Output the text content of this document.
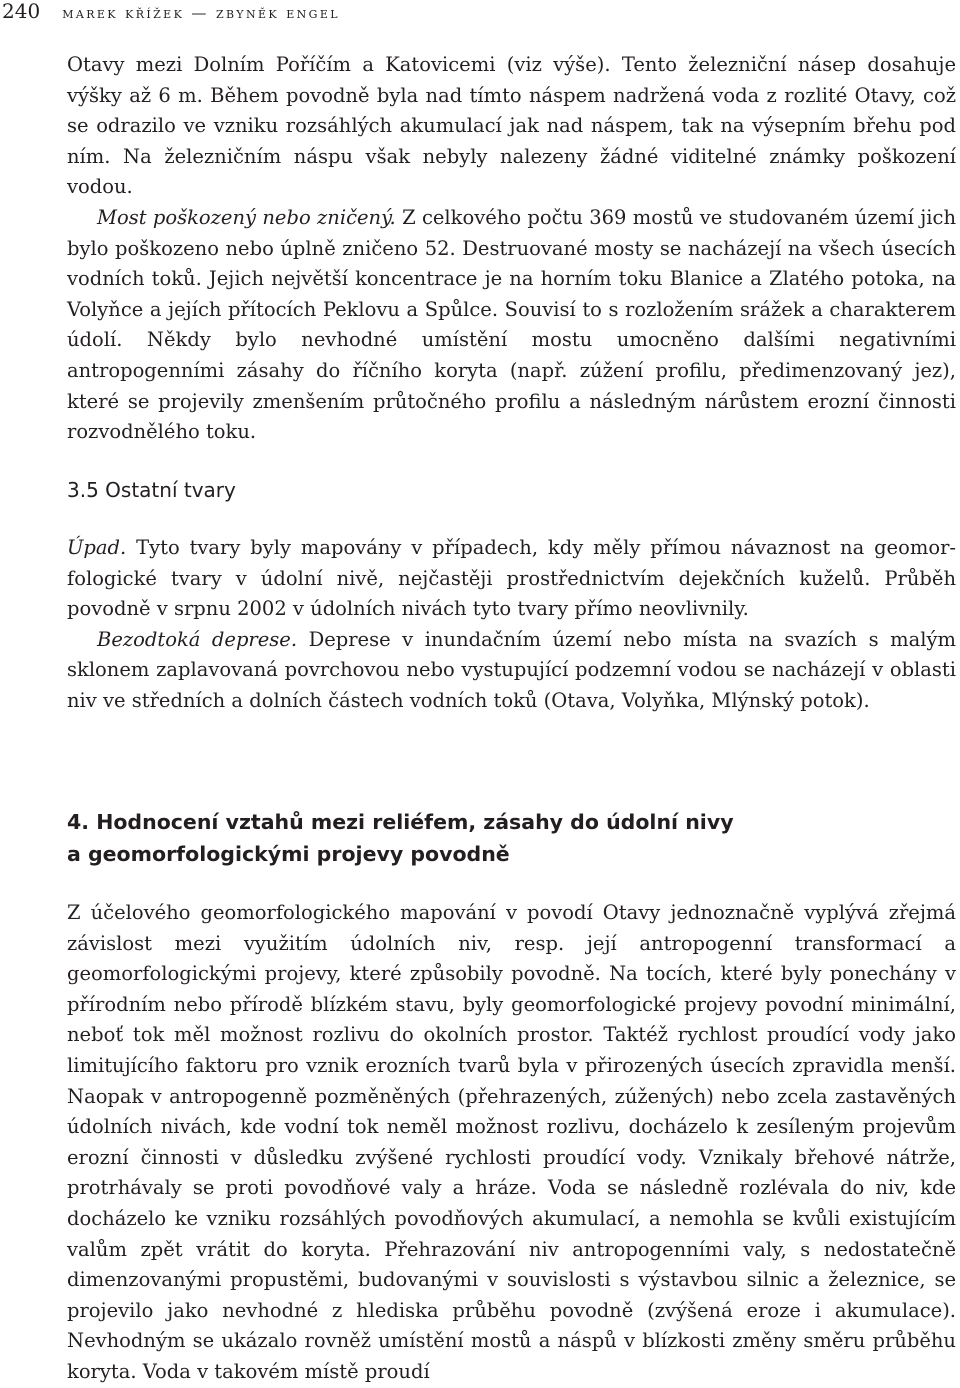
240 marek křížek — zbyněk engel

Otavy mezi Dolním Poříčím a Katovicemi (viz výše). Tento železniční násep dosahuje výšky až 6 m. Během povodně byla nad tímto náspem nadržená voda z rozlité Otavy, což se odrazilo ve vzniku rozsáhlých akumulací jak nad náspem, tak na výsepním břehu pod ním. Na železničním náspu však nebyly nalezeny žádné viditelné známky poškození vodou.

Most poškozený nebo zničený. Z celkového počtu 369 mostů ve studovaném území jich bylo poškozeno nebo úplně zničeno 52. Destruované mosty se nacházejí na všech úsecích vodních toků. Jejich největší koncentrace je na horním toku Blanice a Zlatého potoka, na Volyňce a jejích přítocích Peklovu a Spůlce. Souvisí to s rozložením srážek a charakterem údolí. Někdy bylo nevhodné umístění mostu umocněno dalšími negativními antropogenními zásahy do říčního koryta (např. zúžení profilu, předimenzovaný jez), které se projevily zmenšením průtočného profilu a následným nárůstem erozní činnosti rozvodnělého toku.

3.5 Ostatní tvary

Úpad. Tyto tvary byly mapovány v případech, kdy měly přímou návaznost na geomorfologické tvary v údolní nivě, nejčastěji prostřednictvím dejekčních kuželů. Průběh povodně v srpnu 2002 v údolních nivách tyto tvary přímo neovlivnily.

Bezodtoká deprese. Deprese v inundačním území nebo místa na svazích s malým sklonem zaplavovaná povrchovou nebo vystupující podzemní vodou se nacházejí v oblasti niv ve středních a dolních částech vodních toků (Otava, Volyňka, Mlýnský potok).

4. Hodnocení vztahů mezi reliéfem, zásahy do údolní nivy
a geomorfologickými projevy povodně

Z účelového geomorfologického mapování v povodí Otavy jednoznačně vyplývá zřejmá závislost mezi využitím údolních niv, resp. její antropogenní transformací a geomorfologickými projevy, které způsobily povodně. Na tocích, které byly ponechány v přírodním nebo přírodě blízkém stavu, byly geomorfologické projevy povodní minimální, neboť tok měl možnost rozlivu do okolních prostor. Taktéž rychlost proudící vody jako limitujícího faktoru pro vznik erozních tvarů byla v přirozených úsecích zpravidla menší. Naopak v antropogenně pozměněných (přehrazených, zúžených) nebo zcela zastavěných údolních nivách, kde vodní tok neměl možnost rozlivu, docházelo k zesíleným projevům erozní činnosti v důsledku zvýšené rychlosti proudící vody. Vznikaly břehové nátrže, protrhávaly se proti povodňové valy a hráze. Voda se následně rozlévala do niv, kde docházelo ke vzniku rozsáhlých povodňových akumulací, a nemohla se kvůli existujícím valům zpět vrátit do koryta. Přehrazování niv antropogenními valy, s nedostatečně dimenzovanými propustěmi, budovanými v souvislosti s výstavbou silnic a železnice, se projevilo jako nevhodné z hlediska průběhu povodně (zvýšená eroze i akumulace). Nevhodným se ukázalo rovněž umístění mostů a náspů v blízkosti změny směru průběhu koryta. Voda v takovém místě proudí
